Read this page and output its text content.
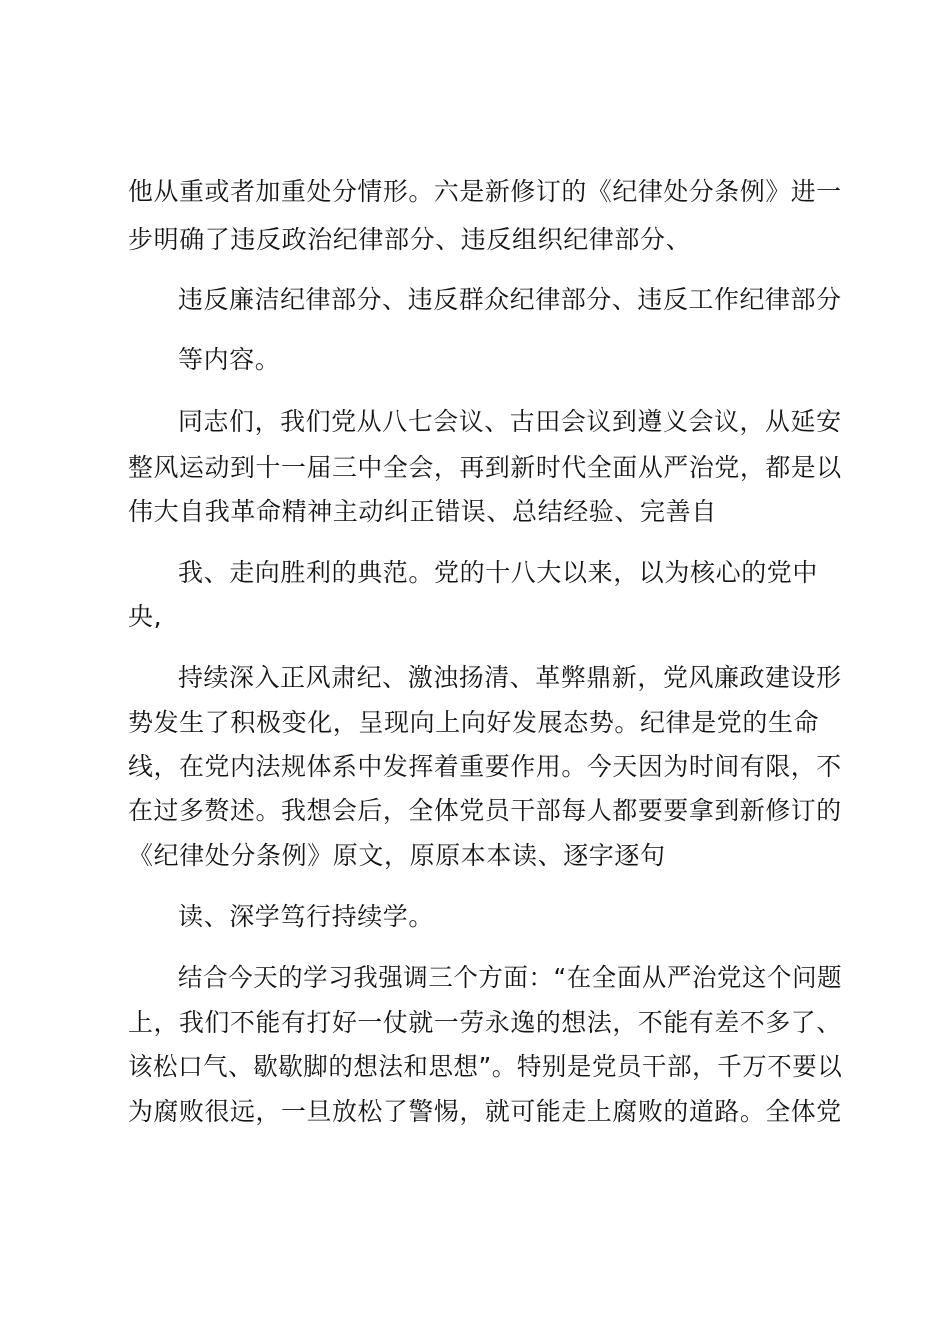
他从重或者加重处分情形。六是新修订的《纪律处分条例》进一
步明确了违反政治纪律部分、违反组织纪律部分、
违反廉洁纪律部分、违反群众纪律部分、违反工作纪律部分
等内容。
同志们，我们党从八七会议、古田会议到遵义会议，从延安
整风运动到十一届三中全会，再到新时代全面从严治党，都是以
伟大自我革命精神主动纠正错误、总结经验、完善自
我、走向胜利的典范。党的十八大以来，以为核心的党中
央,
持续深入正风肃纪、激浊扬清、革弊鼎新，党风廉政建设形
势发生了积极变化，呈现向上向好发展态势。纪律是党的生命
线，在党内法规体系中发挥着重要作用。今天因为时间有限，不
在过多赘述。我想会后，全体党员干部每人都要要拿到新修订的
《纪律处分条例》原文，原原本本读、逐字逐句
读、深学笃行持续学。
结合今天的学习我强调三个方面：“在全面从严治党这个问题
上，我们不能有打好一仗就一劳永逸的想法，不能有差不多了、
该松口气、歇歇脚的想法和思想”。特别是党员干部，千万不要以
为腐败很远，一旦放松了警惕，就可能走上腐败的道路。全体党
